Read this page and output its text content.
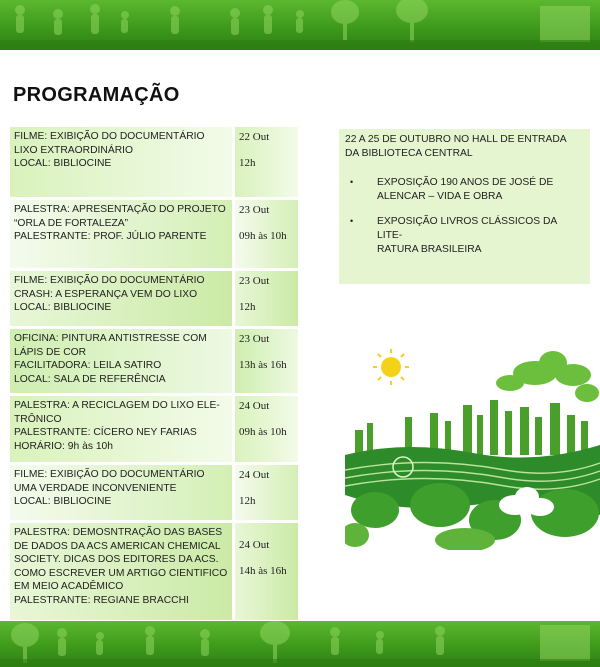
PROGRAMAÇÃO
FILME: EXIBIÇÃO DO DOCUMENTÁRIO
LIXO EXTRAORDINÁRIO
LOCAL: BIBLIOCINE
22 Out
12h
PALESTRA: APRESENTAÇÃO DO PROJETO
“ORLA DE FORTALEZA”
PALESTRANTE: PROF. JÚLIO PARENTE
23 Out
09h às 10h
FILME: EXIBIÇÃO DO DOCUMENTÁRIO
CRASH: A ESPERANÇA VEM DO LIXO
LOCAL: BIBLIOCINE
23 Out
12h
OFICINA: PINTURA ANTISTRESSE COM
LÁPIS DE COR
FACILITADORA: LEILA SATIRO
LOCAL: SALA DE REFERÊNCIA
23 Out
13h às 16h
PALESTRA: A RECICLAGEM DO LIXO ELE-
TRÔNICO
PALESTRANTE: CÍCERO NEY FARIAS
HORÁRIO: 9h às 10h
24 Out
09h às 10h
FILME: EXIBIÇÃO DO DOCUMENTÁRIO
UMA VERDADE INCONVENIENTE
LOCAL: BIBLIOCINE
24 Out
12h
PALESTRA: DEMOSNTRAÇÃO DAS BASES
DE DADOS DA ACS AMERICAN CHEMICAL
SOCIETY. DICAS DOS EDITORES DA ACS.
COMO ESCREVER UM ARTIGO CIENTIFICO
EM MEIO ACADÊMICO
PALESTRANTE: REGIANE BRACCHI
24 Out
14h às 16h
22 A 25 DE OUTUBRO NO HALL DE ENTRADA
DA BIBLIOTECA CENTRAL
• EXPOSIÇÃO 190 ANOS DE JOSÉ DE
ALENCAR – VIDA E OBRA
• EXPOSIÇÃO LIVROS CLÁSSICOS DA LITE-
RATURA BRASILEIRA
